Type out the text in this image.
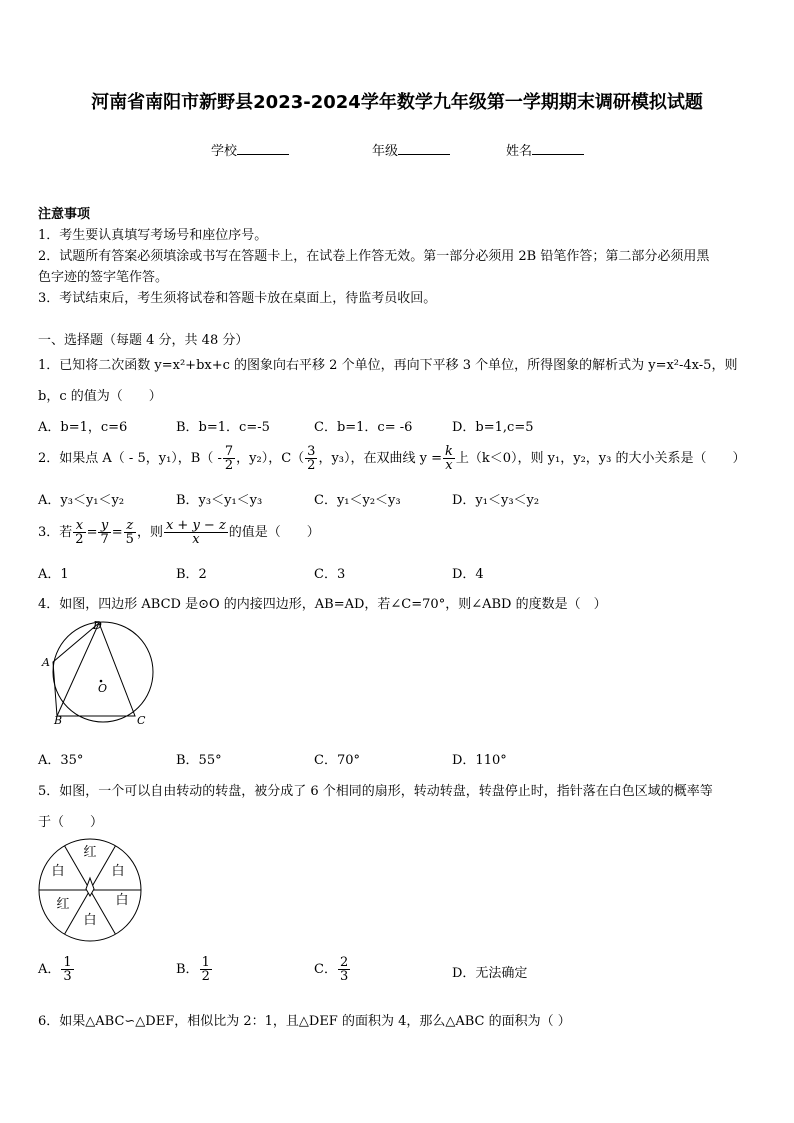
河南省南阳市新野县2023-2024学年数学九年级第一学期期末调研模拟试题
学校	年级	姓名
注意事项
1．考生要认真填写考场号和座位序号。
2．试题所有答案必须填涂或书写在答题卡上，在试卷上作答无效。第一部分必须用 2B 铅笔作答；第二部分必须用黑
色字迹的签字笔作答。
3．考试结束后，考生须将试卷和答题卡放在桌面上，待监考员收回。
一、选择题（每题 4 分，共 48 分）
1．已知将二次函数 y=x²+bx+c 的图象向右平移 2 个单位，再向下平移 3 个单位，所得图象的解析式为 y=x²-4x-5，则
b，c 的值为（　　）
A．b=1，c=6	B．b=1．c=-5	C．b=1．c= -6	D．b=1,c=5
2．如果点 A（ - 5，y₁），$B( - \frac{7}{2}$ ，y₂），$C( \frac{3}{2}$ ，y₃），在双曲线 $y = \frac{k}{x}$ 上（k＜0），则 y₁，y₂，y₃ 的大小关系是（　　）
A．y₃＜y₁＜y₂	B．y₃＜y₁＜y₃	C．y₁＜y₂＜y₃	D．y₁＜y₃＜y₂
3．若 $\frac{x}{2} = \frac{y}{7} = \frac{z}{5}$ ，则 $\frac{x + y - z}{x}$ 的值是（　　）
A．1	B．2	C．3	D．4
4．如图，四边形 ABCD 是⊙O 的内接四边形，AB=AD，若∠C=70°，则∠ABD 的度数是（　）
D
A
O
B	C
A．35°	B．55°	C．70°	D．110°
5．如图，一个可以自由转动的转盘，被分成了 6 个相同的扇形，转动转盘，转盘停止时，指针落在白色区域的概率等
于（　　）
红
白
白
白
红
白
A． $\frac{1}{3}$	B． $\frac{1}{2}$	C． $\frac{2}{3}$	D．无法确定
6．如果△ABC∽△DEF，相似比为 2：1，且△DEF 的面积为 4，那么△ABC 的面积为（ ）
